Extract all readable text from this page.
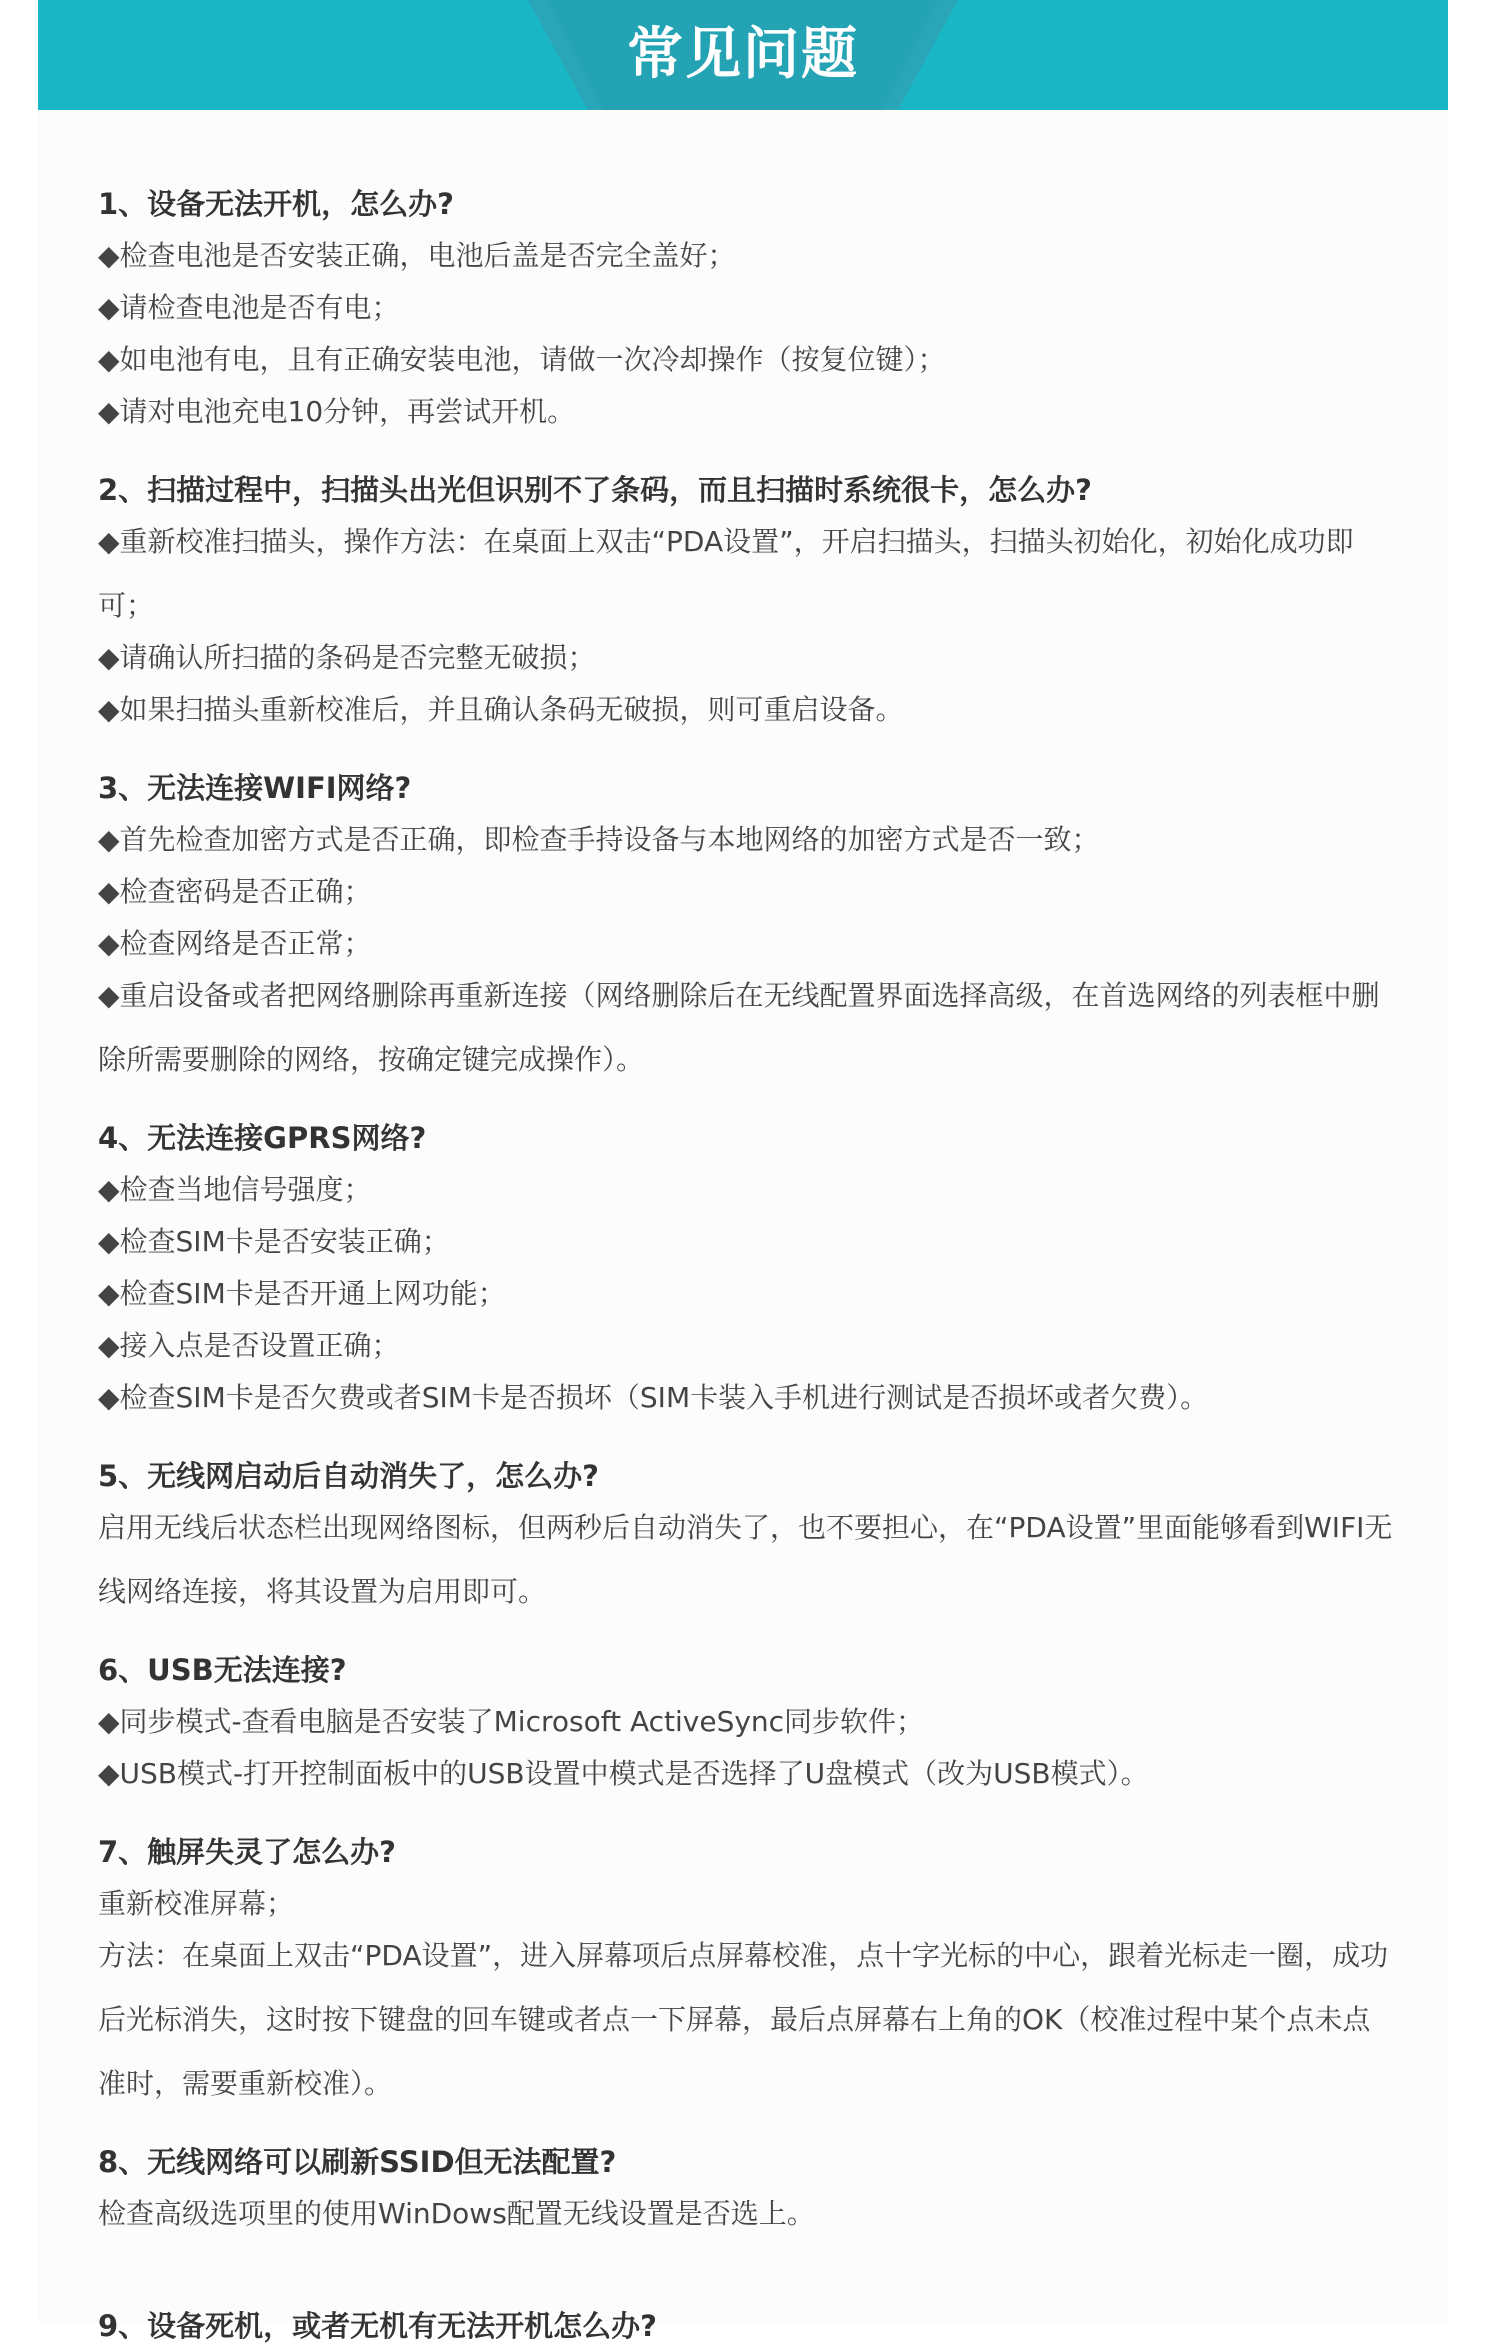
常见问题
1、设备无法开机，怎么办?
◆检查电池是否安装正确，电池后盖是否完全盖好；
◆请检查电池是否有电；
◆如电池有电，且有正确安装电池，请做一次冷却操作（按复位键）；
◆请对电池充电10分钟，再尝试开机。
2、扫描过程中，扫描头出光但识别不了条码，而且扫描时系统很卡，怎么办?
◆重新校准扫描头，操作方法：在桌面上双击“PDA设置”，开启扫描头，扫描头初始化，初始化成功即可；
◆请确认所扫描的条码是否完整无破损；
◆如果扫描头重新校准后，并且确认条码无破损，则可重启设备。
3、无法连接WIFI网络?
◆首先检查加密方式是否正确，即检查手持设备与本地网络的加密方式是否一致；
◆检查密码是否正确；
◆检查网络是否正常；
◆重启设备或者把网络删除再重新连接（网络删除后在无线配置界面选择高级，在首选网络的列表框中删除所需要删除的网络，按确定键完成操作）。
4、无法连接GPRS网络?
◆检查当地信号强度；
◆检查SIM卡是否安装正确；
◆检查SIM卡是否开通上网功能；
◆接入点是否设置正确；
◆检查SIM卡是否欠费或者SIM卡是否损坏（SIM卡装入手机进行测试是否损坏或者欠费）。
5、无线网启动后自动消失了，怎么办?
启用无线后状态栏出现网络图标，但两秒后自动消失了，也不要担心，在“PDA设置”里面能够看到WIFI无线网络连接，将其设置为启用即可。
6、USB无法连接?
◆同步模式-查看电脑是否安装了Microsoft ActiveSync同步软件；
◆USB模式-打开控制面板中的USB设置中模式是否选择了U盘模式（改为USB模式）。
7、触屏失灵了怎么办?
重新校准屏幕；
方法：在桌面上双击“PDA设置”，进入屏幕项后点屏幕校准，点十字光标的中心，跟着光标走一圈，成功后光标消失，这时按下键盘的回车键或者点一下屏幕，最后点屏幕右上角的OK（校准过程中某个点未点准时，需要重新校准）。
8、无线网络可以刷新SSID但无法配置?
检查高级选项里的使用WinDows配置无线设置是否选上。
9、设备死机，或者无机有无法开机怎么办?
